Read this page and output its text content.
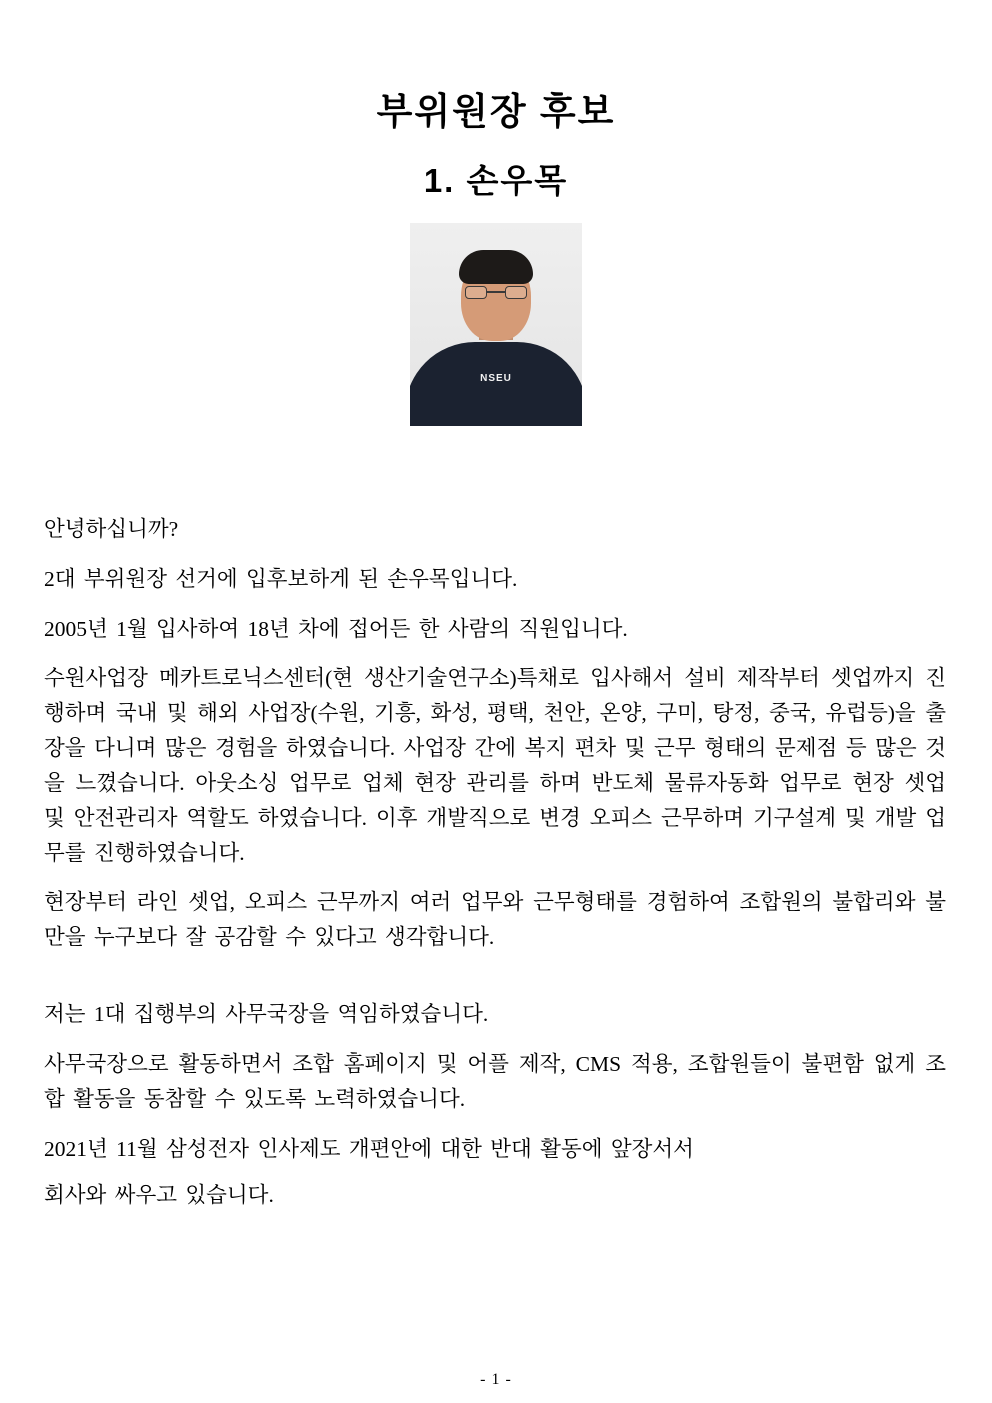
부위원장 후보
1. 손우목
NSEU

안녕하십니까?

2대 부위원장 선거에 입후보하게 된 손우목입니다.

2005년 1월 입사하여 18년 차에 접어든 한 사람의 직원입니다.

수원사업장 메카트로닉스센터(현 생산기술연구소)특채로 입사해서 설비 제작부터 셋업까지 진행하며 국내 및 해외 사업장(수원, 기흥, 화성, 평택, 천안, 온양, 구미, 탕정, 중국, 유럽등)을 출장을 다니며 많은 경험을 하였습니다. 사업장 간에 복지 편차 및 근무 형태의 문제점 등 많은 것을 느꼈습니다. 아웃소싱 업무로 업체 현장 관리를 하며 반도체 물류자동화 업무로 현장 셋업 및 안전관리자 역할도 하였습니다. 이후 개발직으로 변경 오피스 근무하며 기구설계 및 개발 업무를 진행하였습니다.

현장부터 라인 셋업, 오피스 근무까지 여러 업무와 근무형태를 경험하여 조합원의 불합리와 불만을 누구보다 잘 공감할 수 있다고 생각합니다.

저는 1대 집행부의 사무국장을 역임하였습니다.

사무국장으로 활동하면서 조합 홈페이지 및 어플 제작, CMS 적용, 조합원들이 불편함 없게 조합 활동을 동참할 수 있도록 노력하였습니다.

2021년 11월 삼성전자 인사제도 개편안에 대한 반대 활동에 앞장서서

회사와 싸우고 있습니다.

- 1 -
